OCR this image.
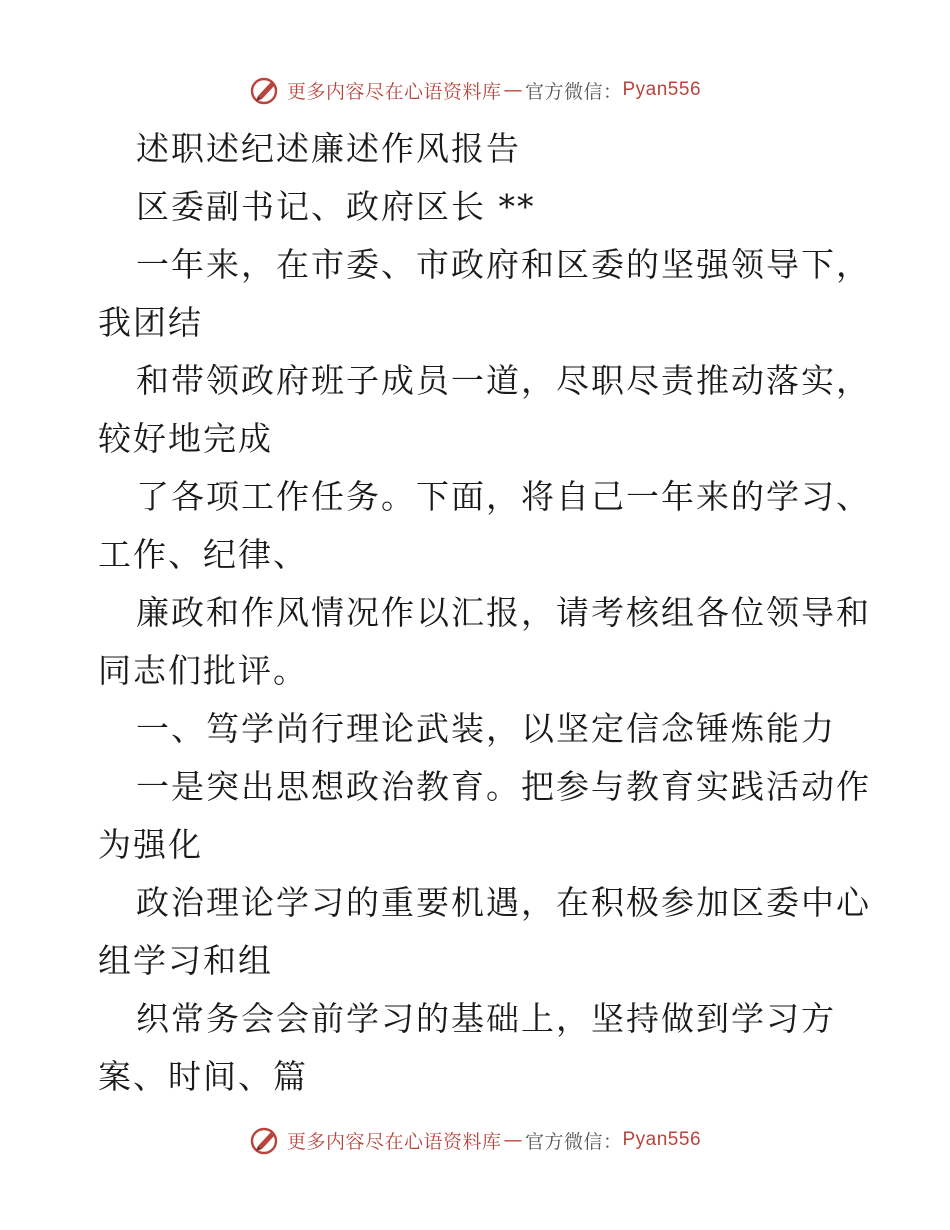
更多内容尽在心语资料库 — 官方微信： Pyan556
述职述纪述廉述作风报告
区委副书记、政府区长 **
一年来，在市委、市政府和区委的坚强领导下，
我团结
和带领政府班子成员一道，尽职尽责推动落实，
较好地完成
了各项工作任务。下面，将自己一年来的学习、
工作、纪律、
廉政和作风情况作以汇报，请考核组各位领导和
同志们批评。
一、笃学尚行理论武装，以坚定信念锤炼能力
一是突出思想政治教育。把参与教育实践活动作
为强化
政治理论学习的重要机遇，在积极参加区委中心
组学习和组
织常务会会前学习的基础上，坚持做到学习方
案、时间、篇
更多内容尽在心语资料库 — 官方微信： Pyan556
